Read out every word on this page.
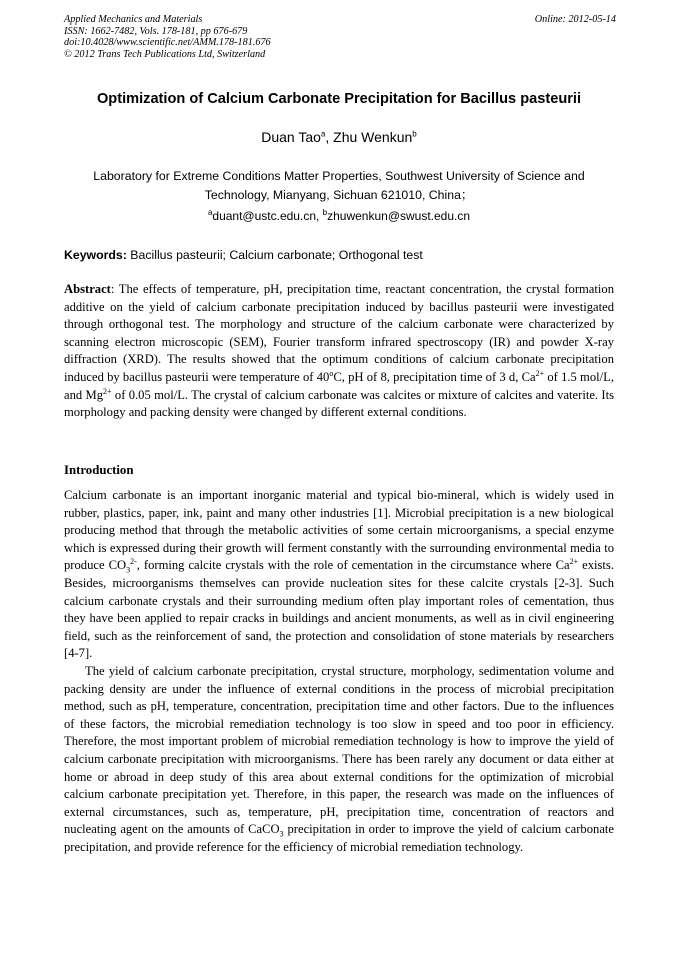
Applied Mechanics and Materials
ISSN: 1662-7482, Vols. 178-181, pp 676-679
doi:10.4028/www.scientific.net/AMM.178-181.676
© 2012 Trans Tech Publications Ltd, Switzerland
Online: 2012-05-14
Optimization of Calcium Carbonate Precipitation for Bacillus pasteurii
Duan Tao$^a$, Zhu Wenkun$^b$
Laboratory for Extreme Conditions Matter Properties, Southwest University of Science and Technology, Mianyang, Sichuan 621010, China；
$^a$duant@ustc.edu.cn, $^b$zhuwenkun@swust.edu.cn
Keywords: Bacillus pasteurii; Calcium carbonate; Orthogonal test
Abstract: The effects of temperature, pH, precipitation time, reactant concentration, the crystal formation additive on the yield of calcium carbonate precipitation induced by bacillus pasteurii were investigated through orthogonal test. The morphology and structure of the calcium carbonate were characterized by scanning electron microscopic (SEM), Fourier transform infrared spectroscopy (IR) and powder X-ray diffraction (XRD). The results showed that the optimum conditions of calcium carbonate precipitation induced by bacillus pasteurii were temperature of 40$^o$C, pH of 8, precipitation time of 3 d, $Ca^{2+}$ of 1.5 mol/L, and $Mg^{2+}$ of 0.05 mol/L. The crystal of calcium carbonate was calcites or mixture of calcites and vaterite. Its morphology and packing density were changed by different external conditions.
Introduction

Calcium carbonate is an important inorganic material and typical bio-mineral, which is widely used in rubber, plastics, paper, ink, paint and many other industries [1]. Microbial precipitation is a new biological producing method that through the metabolic activities of some certain microorganisms, a special enzyme which is expressed during their growth will ferment constantly with the surrounding environmental media to produce $CO_3^{2-}$, forming calcite crystals with the role of cementation in the circumstance where $Ca^{2+}$ exists. Besides, microorganisms themselves can provide nucleation sites for these calcite crystals [2-3]. Such calcium carbonate crystals and their surrounding medium often play important roles of cementation, thus they have been applied to repair cracks in buildings and ancient monuments, as well as in civil engineering field, such as the reinforcement of sand, the protection and consolidation of stone materials by researchers [4-7].

The yield of calcium carbonate precipitation, crystal structure, morphology, sedimentation volume and packing density are under the influence of external conditions in the process of microbial precipitation method, such as pH, temperature, concentration, precipitation time and other factors. Due to the influences of these factors, the microbial remediation technology is too slow in speed and too poor in efficiency. Therefore, the most important problem of microbial remediation technology is how to improve the yield of calcium carbonate precipitation with microorganisms. There has been rarely any document or data either at home or abroad in deep study of this area about external conditions for the optimization of microbial calcium carbonate precipitation yet. Therefore, in this paper, the research was made on the influences of external circumstances, such as, temperature, pH, precipitation time, concentration of reactors and nucleating agent on the amounts of CaCO$_3$ precipitation in order to improve the yield of calcium carbonate precipitation, and provide reference for the efficiency of microbial remediation technology.
